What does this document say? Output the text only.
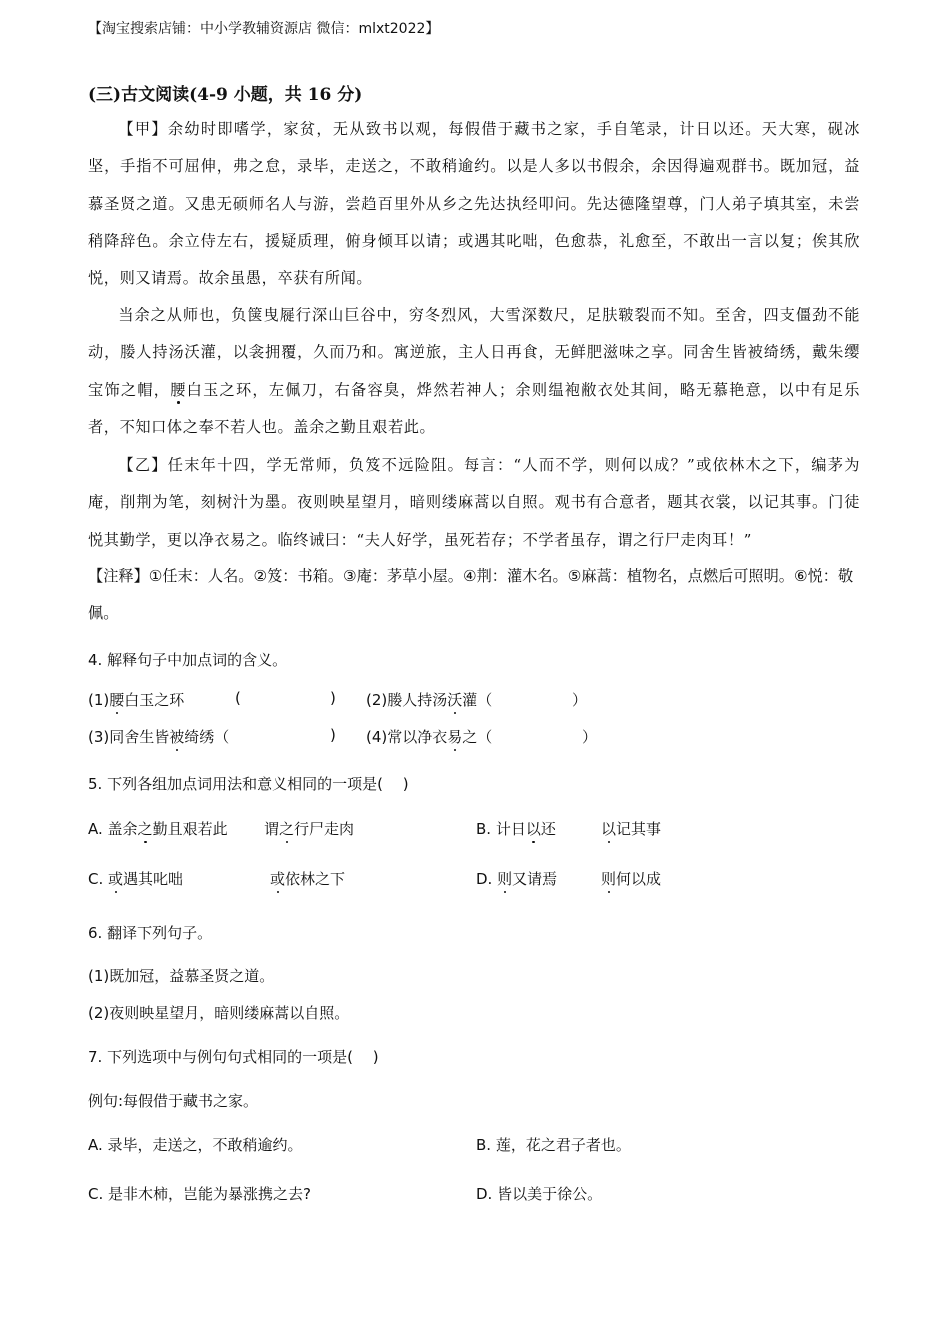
【淘宝搜索店铺：中小学教辅资源店 微信：mlxt2022】
(三)古文阅读(4-9 小题，共 16 分)
【甲】余幼时即嗜学，家贫，无从致书以观，每假借于藏书之家，手自笔录，计日以还。天大寒，砚冰坚，手指不可屈伸，弗之怠，录毕，走送之，不敢稍逾约。以是人多以书假余，余因得遍观群书。既加冠，益慕圣贤之道。又患无硕师名人与游，尝趋百里外从乡之先达执经叩问。先达德隆望尊，门人弟子填其室，未尝稍降辞色。余立侍左右，援疑质理，俯身倾耳以请；或遇其叱咄，色愈恭，礼愈至，不敢出一言以复；俟其欣悦，则又请焉。故余虽愚，卒获有所闻。
当余之从师也，负箧曳屣行深山巨谷中，穷冬烈风，大雪深数尺，足肤皲裂而不知。至舍，四支僵劲不能动，媵人持汤沃灌，以衾拥覆，久而乃和。寓逆旅，主人日再食，无鲜肥滋味之享。同舍生皆被绮绣，戴朱缨宝饰之帽，腰白玉之环，左佩刀，右备容臭，烨然若神人；余则缊袍敝衣处其间，略无慕艳意，以中有足乐者，不知口体之奉不若人也。盖余之勤且艰若此。
【乙】任末年十四，学无常师，负笈不远险阻。每言：“人而不学，则何以成？”或依林木之下，编茅为庵，削荆为笔，刻树汁为墨。夜则映星望月，暗则缕麻蒿以自照。观书有合意者，题其衣裳，以记其事。门徒悦其勤学，更以净衣易之。临终诫曰：“夫人好学，虽死若存；不学者虽存，谓之行尸走肉耳！”
【注释】①任末：人名。②笈：书箱。③庵：茅草小屋。④荆：灌木名。⑤麻蒿：植物名，点燃后可照明。⑥悦：敬佩。
4. 解释句子中加点词的含义。
(1)腰白玉之环	(	) (2)媵人持汤沃灌（	）
(3)同舍生皆被绮绣（	) (4)常以净衣易之（	）
5. 下列各组加点词用法和意义相同的一项是(　 )
A. 盖余之勤且艰若此 谓之行尸走肉	B. 计日以还	以记其事
C. 或遇其叱咄	或依林之下	D. 则又请焉	则何以成
6. 翻译下列句子。
(1)既加冠，益慕圣贤之道。
(2)夜则映星望月，暗则缕麻蒿以自照。
7. 下列选项中与例句句式相同的一项是(　 )
例句:每假借于藏书之家。
A. 录毕，走送之，不敢稍逾约。	B. 莲，花之君子者也。
C. 是非木柿，岂能为暴涨携之去?	D. 皆以美于徐公。
